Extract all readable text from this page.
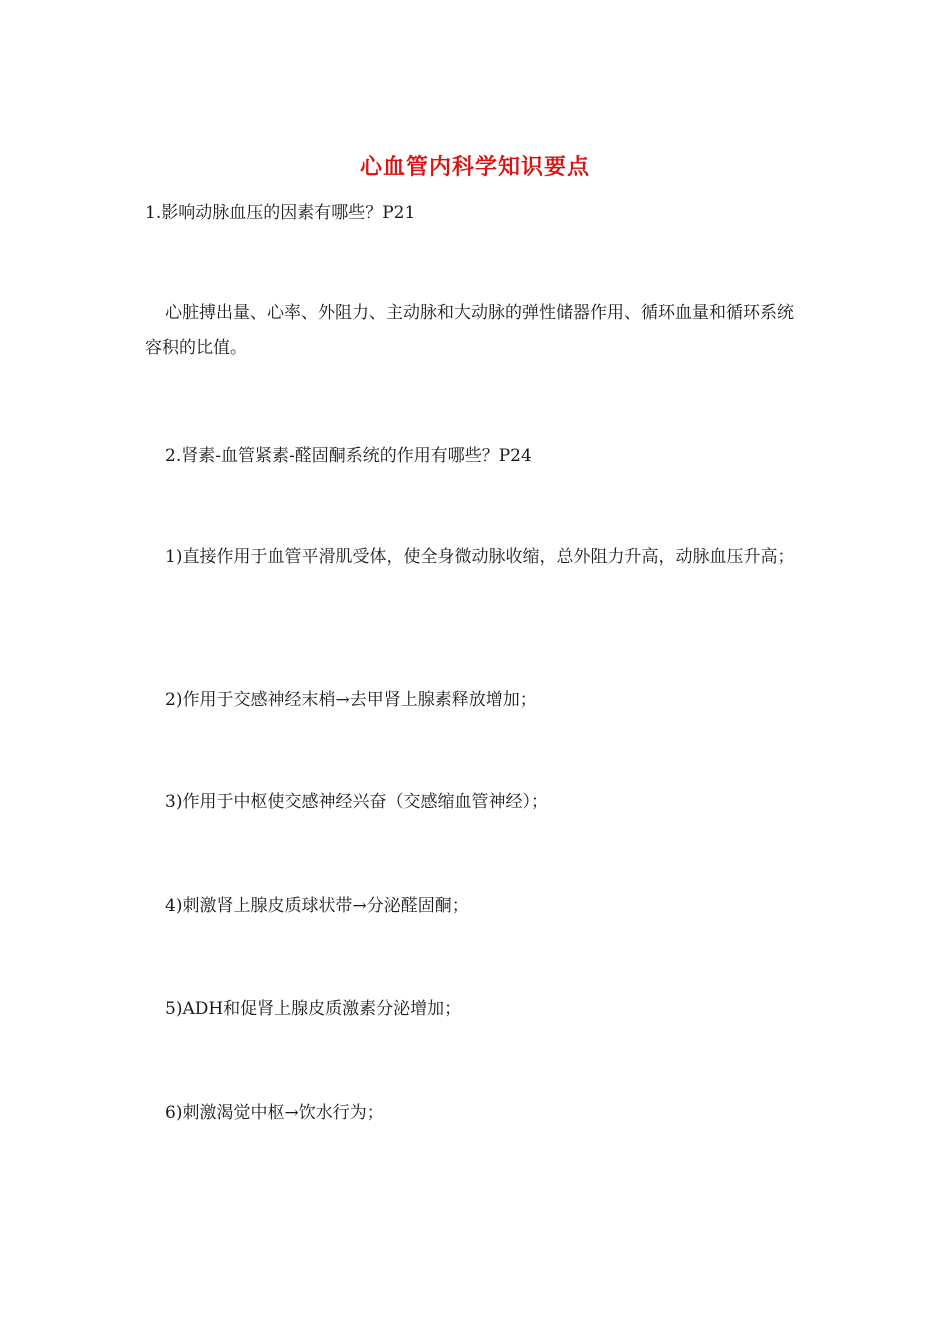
心血管内科学知识要点
1.影响动脉血压的因素有哪些？P21
心脏搏出量、心率、外阻力、主动脉和大动脉的弹性储器作用、循环血量和循环系统容积的比值。
2.肾素-血管紧素-醛固酮系统的作用有哪些？P24
1)直接作用于血管平滑肌受体，使全身微动脉收缩，总外阻力升高，动脉血压升高；
2)作用于交感神经末梢→去甲肾上腺素释放增加；
3)作用于中枢使交感神经兴奋（交感缩血管神经）；
4)刺激肾上腺皮质球状带→分泌醛固酮；
5)ADH和促肾上腺皮质激素分泌增加；
6)刺激渴觉中枢→饮水行为；
